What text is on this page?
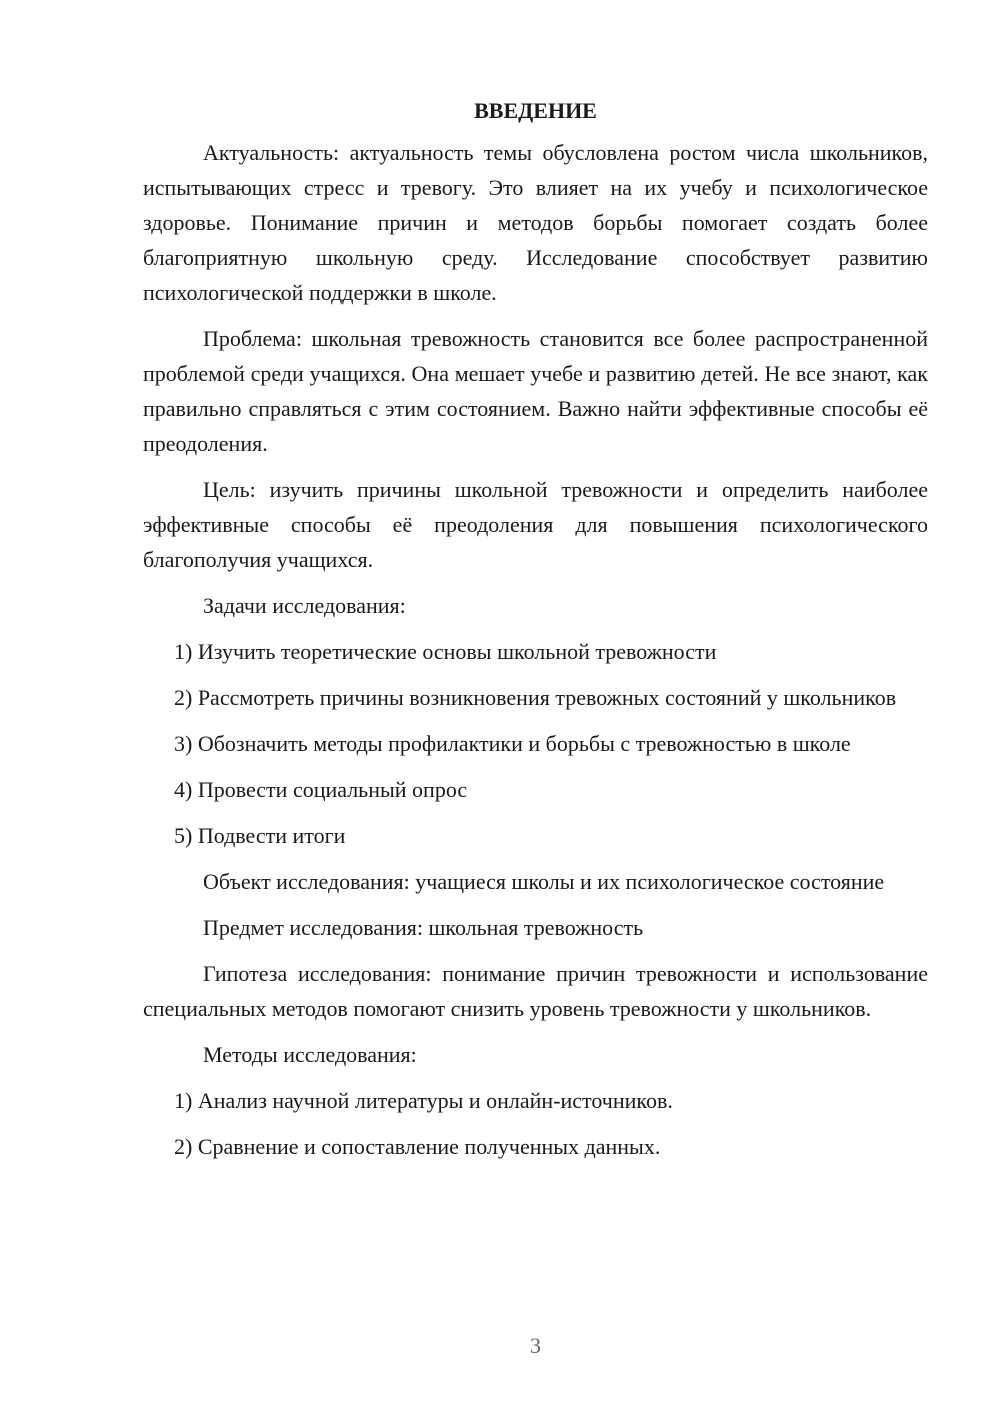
ВВЕДЕНИЕ

Актуальность: актуальность темы обусловлена ростом числа школьников, испытывающих стресс и тревогу. Это влияет на их учебу и психологическое здоровье. Понимание причин и методов борьбы помогает создать более благоприятную школьную среду. Исследование способствует развитию психологической поддержки в школе.

Проблема: школьная тревожность становится все более распространенной проблемой среди учащихся. Она мешает учебе и развитию детей. Не все знают, как правильно справляться с этим состоянием. Важно найти эффективные способы её преодоления.

Цель: изучить причины школьной тревожности и определить наиболее эффективные способы её преодоления для повышения психологического благополучия учащихся.

Задачи исследования:

1) Изучить теоретические основы школьной тревожности

2) Рассмотреть причины возникновения тревожных состояний у школьников

3) Обозначить методы профилактики и борьбы с тревожностью в школе

4) Провести социальный опрос

5) Подвести итоги

Объект исследования: учащиеся школы и их психологическое состояние

Предмет исследования: школьная тревожность

Гипотеза исследования: понимание причин тревожности и использование специальных методов помогают снизить уровень тревожности у школьников.

Методы исследования:

1) Анализ научной литературы и онлайн-источников.

2) Сравнение и сопоставление полученных данных.

3
